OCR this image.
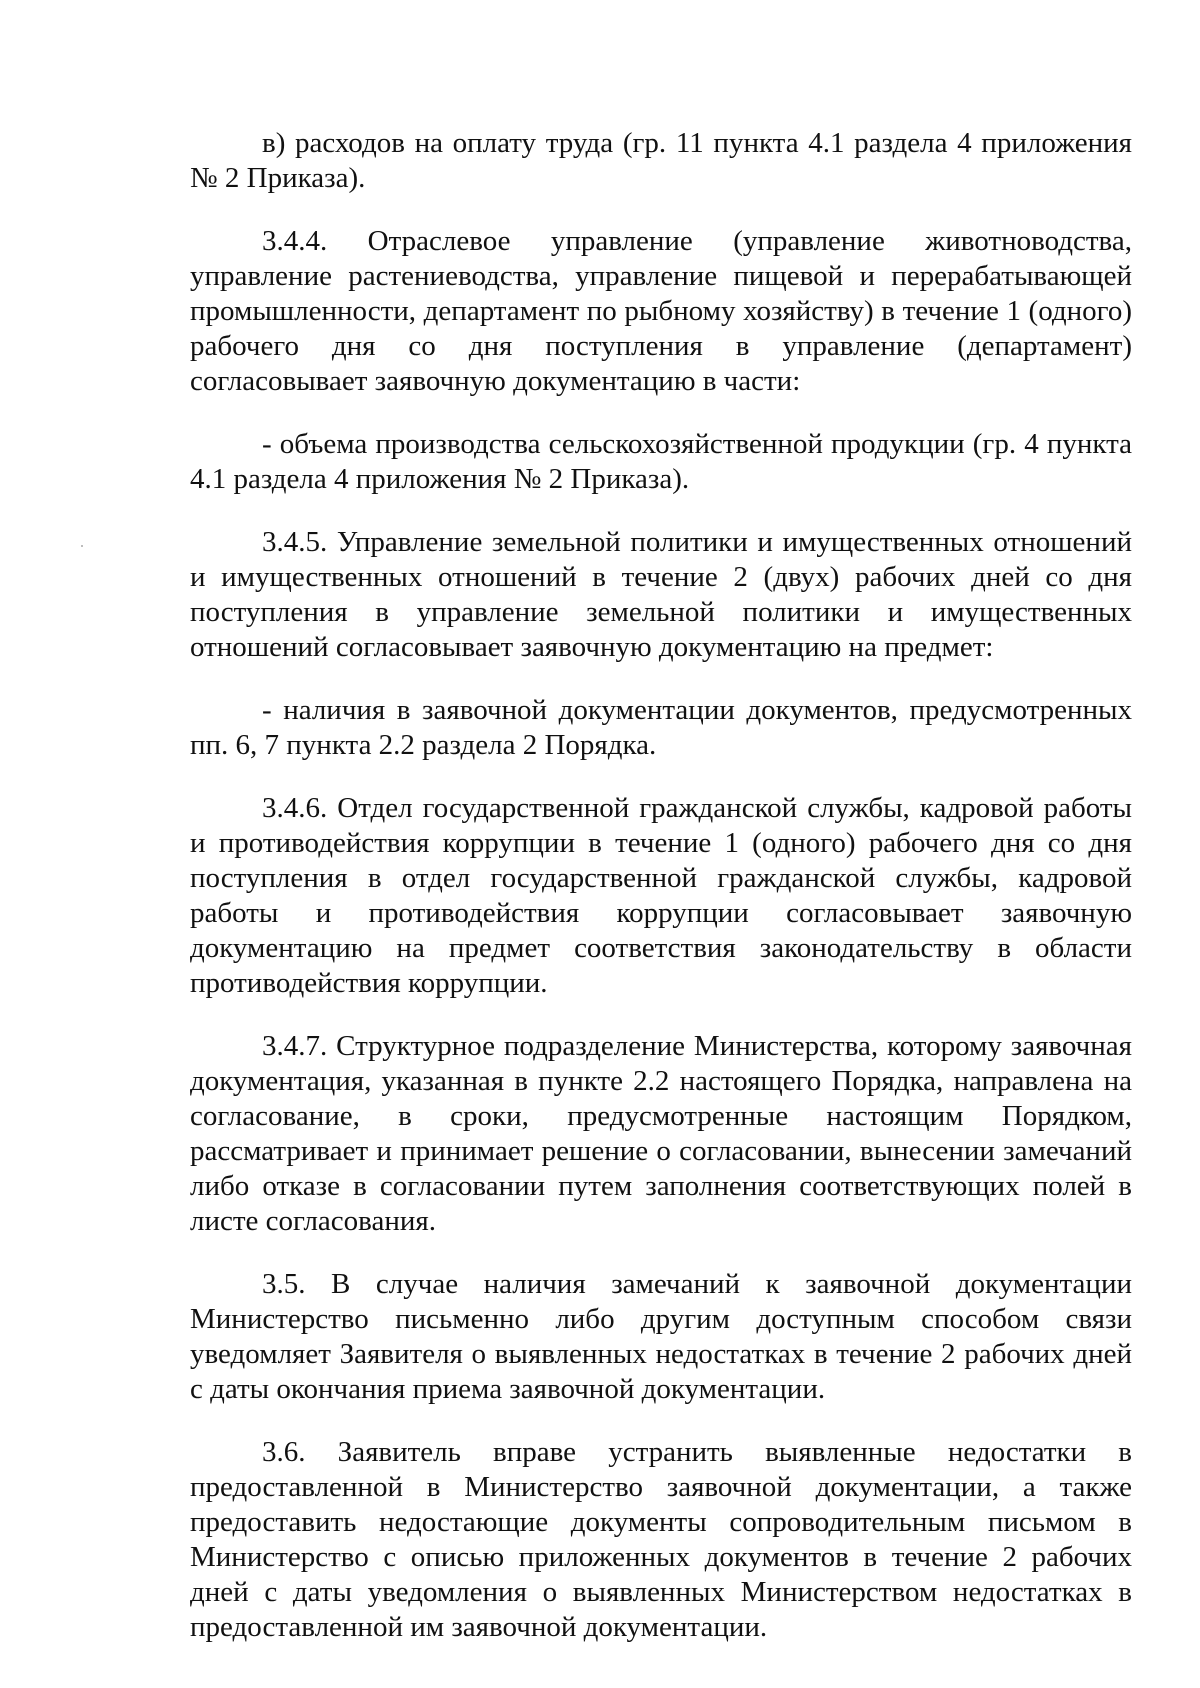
в) расходов на оплату труда (гр. 11 пункта 4.1 раздела 4 приложения № 2 Приказа).

3.4.4. Отраслевое управление (управление животноводства, управление растениеводства, управление пищевой и перерабатывающей промышленности, департамент по рыбному хозяйству) в течение 1 (одного) рабочего дня со дня поступления в управление (департамент) согласовывает заявочную документацию в части:

- объема производства сельскохозяйственной продукции (гр. 4 пункта 4.1 раздела 4 приложения № 2 Приказа).

3.4.5. Управление земельной политики и имущественных отношений и имущественных отношений в течение 2 (двух) рабочих дней со дня поступления в управление земельной политики и имущественных отношений согласовывает заявочную документацию на предмет:

- наличия в заявочной документации документов, предусмотренных пп. 6, 7 пункта 2.2 раздела 2 Порядка.

3.4.6. Отдел государственной гражданской службы, кадровой работы и противодействия коррупции в течение 1 (одного) рабочего дня со дня поступления в отдел государственной гражданской службы, кадровой работы и противодействия коррупции согласовывает заявочную документацию на предмет соответствия законодательству в области противодействия коррупции.

3.4.7. Структурное подразделение Министерства, которому заявочная документация, указанная в пункте 2.2 настоящего Порядка, направлена на согласование, в сроки, предусмотренные настоящим Порядком, рассматривает и принимает решение о согласовании, вынесении замечаний либо отказе в согласовании путем заполнения соответствующих полей в листе согласования.

3.5. В случае наличия замечаний к заявочной документации Министерство письменно либо другим доступным способом связи уведомляет Заявителя о выявленных недостатках в течение 2 рабочих дней с даты окончания приема заявочной документации.

3.6. Заявитель вправе устранить выявленные недостатки в предоставленной в Министерство заявочной документации, а также предоставить недостающие документы сопроводительным письмом в Министерство с описью приложенных документов в течение 2 рабочих дней с даты уведомления о выявленных Министерством недостатках в предоставленной им заявочной документации.
